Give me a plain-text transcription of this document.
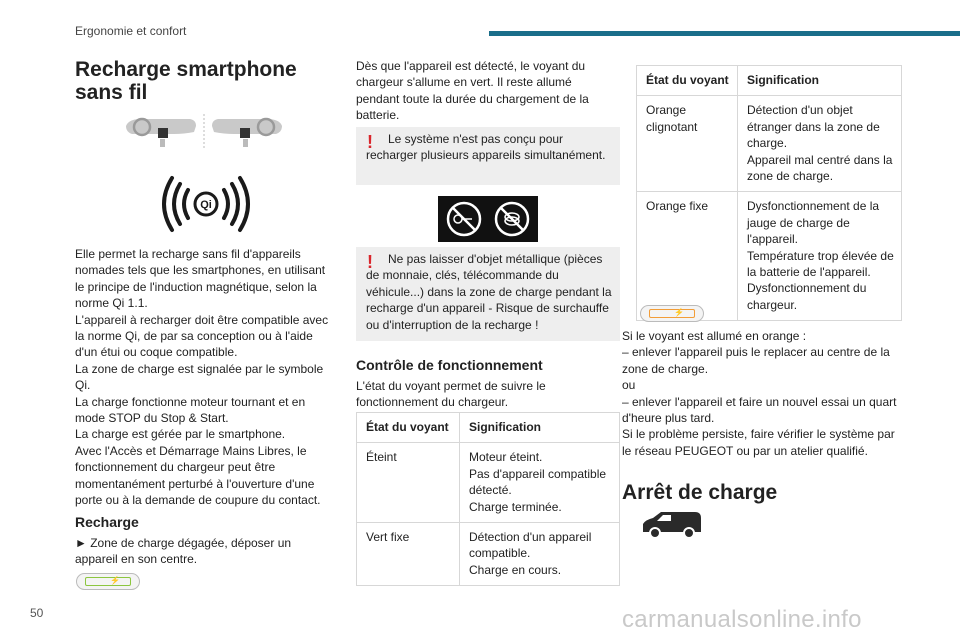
Ergonomie et confort
Recharge smartphone sans fil
Qi
Elle permet la recharge sans fil d'appareils nomades tels que les smartphones, en utilisant le principe de l'induction magnétique, selon la norme Qi 1.1.
L'appareil à recharger doit être compatible avec la norme Qi, de par sa conception ou à l'aide d'un étui ou coque compatible.
La zone de charge est signalée par le symbole Qi.
La charge fonctionne moteur tournant et en mode STOP du Stop & Start.
La charge est gérée par le smartphone.
Avec l'Accès et Démarrage Mains Libres, le fonctionnement du chargeur peut être momentanément perturbé à l'ouverture d'une porte ou à la demande de coupure du contact.
Recharge
► Zone de charge dégagée, déposer un appareil en son centre.
⚡
Dès que l'appareil est détecté, le voyant du chargeur s'allume en vert. Il reste allumé pendant toute la durée du chargement de la batterie.
!	Le système n'est pas conçu pour recharger plusieurs appareils simultanément.
!	Ne pas laisser d'objet métallique (pièces de monnaie, clés, télécommande du véhicule...) dans la zone de charge pendant la recharge d'un appareil - Risque de surchauffe ou d'interruption de la recharge !
Contrôle de fonctionnement
L'état du voyant permet de suivre le fonctionnement du chargeur.
État du voyant	Signification
Éteint	Moteur éteint.
Pas d'appareil compatible détecté.
Charge terminée.

Vert fixe	Détection d'un appareil compatible.
Charge en cours.
État du voyant	Signification
Orange clignotant	Détection d'un objet étranger dans la zone de charge.
Appareil mal centré dans la zone de charge.

Orange fixe	Dysfonctionnement de la jauge de charge de l'appareil.
Température trop élevée de la batterie de l'appareil.
Dysfonctionnement du chargeur.
⚡
Si le voyant est allumé en orange :
– enlever l'appareil puis le replacer au centre de la zone de charge.
ou
– enlever l'appareil et faire un nouvel essai un quart d'heure plus tard.
Si le problème persiste, faire vérifier le système par le réseau PEUGEOT ou par un atelier qualifié.
Arrêt de charge
50	carmanualsonline.info
